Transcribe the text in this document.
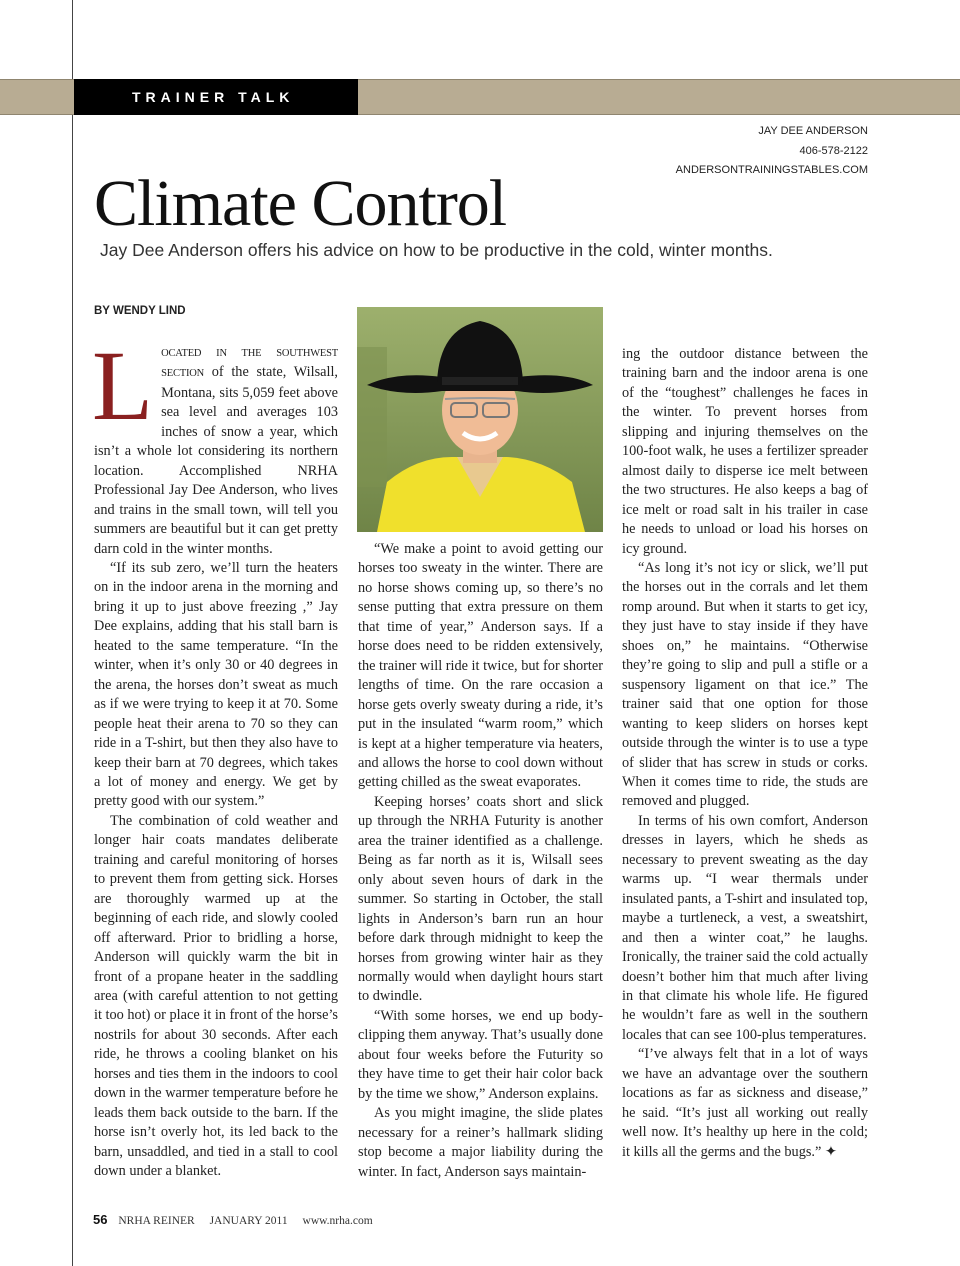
TRAINER TALK
JAY DEE ANDERSON
406-578-2122
ANDERSONTRAININGSTABLES.COM
Climate Control
Jay Dee Anderson offers his advice on how to be productive in the cold, winter months.
BY WENDY LIND

LOCATED IN THE SOUTHWEST SECTION of the state, Wilsall, Montana, sits 5,059 feet above sea level and averages 103 inches of snow a year, which isn’t a whole lot considering its northern location. Accomplished NRHA Professional Jay Dee Anderson, who lives and trains in the small town, will tell you summers are beautiful but it can get pretty darn cold in the winter months.

“If its sub zero, we’ll turn the heaters on in the indoor arena in the morning and bring it up to just above freezing ,” Jay Dee explains, adding that his stall barn is heated to the same temperature. “In the winter, when it’s only 30 or 40 degrees in the arena, the horses don’t sweat as much as if we were trying to keep it at 70. Some people heat their arena to 70 so they can ride in a T-shirt, but then they also have to keep their barn at 70 degrees, which takes a lot of money and energy. We get by pretty good with our system.”

The combination of cold weather and longer hair coats mandates deliberate training and careful monitoring of horses to prevent them from getting sick. Horses are thoroughly warmed up at the beginning of each ride, and slowly cooled off afterward. Prior to bridling a horse, Anderson will quickly warm the bit in front of a propane heater in the saddling area (with careful attention to not getting it too hot) or place it in front of the horse’s nostrils for about 30 seconds. After each ride, he throws a cooling blanket on his horses and ties them in the indoors to cool down in the warmer temperature before he leads them back outside to the barn. If the horse isn’t overly hot, its led back to the barn, unsaddled, and tied in a stall to cool down under a blanket.

“We make a point to avoid getting our horses too sweaty in the winter. There are no horse shows coming up, so there’s no sense putting that extra pressure on them that time of year,” Anderson says. If a horse does need to be ridden extensively, the trainer will ride it twice, but for shorter lengths of time. On the rare occasion a horse gets overly sweaty during a ride, it’s put in the insulated “warm room,” which is kept at a higher temperature via heaters, and allows the horse to cool down without getting chilled as the sweat evaporates.

Keeping horses’ coats short and slick up through the NRHA Futurity is another area the trainer identified as a challenge. Being as far north as it is, Wilsall sees only about seven hours of dark in the summer. So starting in October, the stall lights in Anderson’s barn run an hour before dark through midnight to keep the horses from growing winter hair as they normally would when daylight hours start to dwindle.

“With some horses, we end up body-clipping them anyway. That’s usually done about four weeks before the Futurity so they have time to get their hair color back by the time we show,” Anderson explains.

As you might imagine, the slide plates necessary for a reiner’s hallmark sliding stop become a major liability during the winter. In fact, Anderson says maintain-

ing the outdoor distance between the training barn and the indoor arena is one of the “toughest” challenges he faces in the winter. To prevent horses from slipping and injuring themselves on the 100-foot walk, he uses a fertilizer spreader almost daily to disperse ice melt between the two structures. He also keeps a bag of ice melt or road salt in his trailer in case he needs to unload or load his horses on icy ground.

“As long it’s not icy or slick, we’ll put the horses out in the corrals and let them romp around. But when it starts to get icy, they just have to stay inside if they have shoes on,” he maintains. “Otherwise they’re going to slip and pull a stifle or a suspensory ligament on that ice.” The trainer said that one option for those wanting to keep sliders on horses kept outside through the winter is to use a type of slider that has screw in studs or corks. When it comes time to ride, the studs are removed and plugged.

In terms of his own comfort, Anderson dresses in layers, which he sheds as necessary to prevent sweating as the day warms up. “I wear thermals under insulated pants, a T-shirt and insulated top, maybe a turtleneck, a vest, a sweatshirt, and then a winter coat,” he laughs. Ironically, the trainer said the cold actually doesn’t bother him that much after living in that climate his whole life. He figured he wouldn’t fare as well in the southern locales that can see 100-plus temperatures.

“I’ve always felt that in a lot of ways we have an advantage over the southern locations as far as sickness and disease,” he said. “It’s just all working out really well now. It’s healthy up here in the cold; it kills all the germs and the bugs.” ✦

56 NRHA REINER JANUARY 2011 www.nrha.com
